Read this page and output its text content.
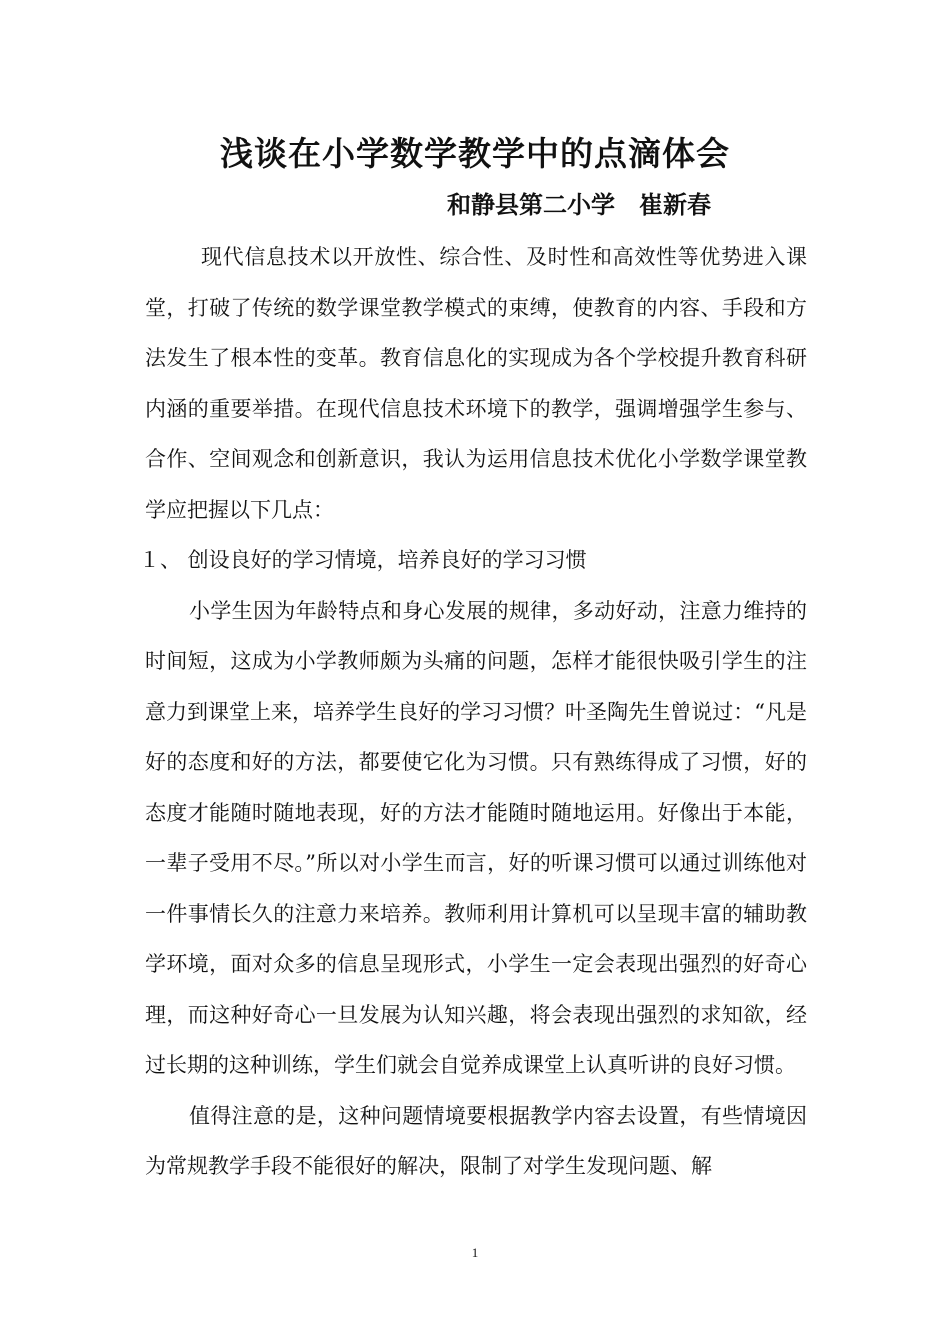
浅谈在小学数学教学中的点滴体会
和静县第二小学　崔新春

现代信息技术以开放性、综合性、及时性和高效性等优势进入课堂，打破了传统的数学课堂教学模式的束缚，使教育的内容、手段和方法发生了根本性的变革。教育信息化的实现成为各个学校提升教育科研内涵的重要举措。在现代信息技术环境下的教学，强调增强学生参与、合作、空间观念和创新意识，我认为运用信息技术优化小学数学课堂教学应把握以下几点：

１、 创设良好的学习情境，培养良好的学习习惯

小学生因为年龄特点和身心发展的规律，多动好动，注意力维持的时间短，这成为小学教师颇为头痛的问题，怎样才能很快吸引学生的注意力到课堂上来，培养学生良好的学习习惯？叶圣陶先生曾说过：“凡是好的态度和好的方法，都要使它化为习惯。只有熟练得成了习惯，好的态度才能随时随地表现，好的方法才能随时随地运用。好像出于本能，一辈子受用不尽。”所以对小学生而言，好的听课习惯可以通过训练他对一件事情长久的注意力来培养。教师利用计算机可以呈现丰富的辅助教学环境，面对众多的信息呈现形式，小学生一定会表现出强烈的好奇心理，而这种好奇心一旦发展为认知兴趣，将会表现出强烈的求知欲，经过长期的这种训练，学生们就会自觉养成课堂上认真听讲的良好习惯。

值得注意的是，这种问题情境要根据教学内容去设置，有些情境因为常规教学手段不能很好的解决，限制了对学生发现问题、解

1
